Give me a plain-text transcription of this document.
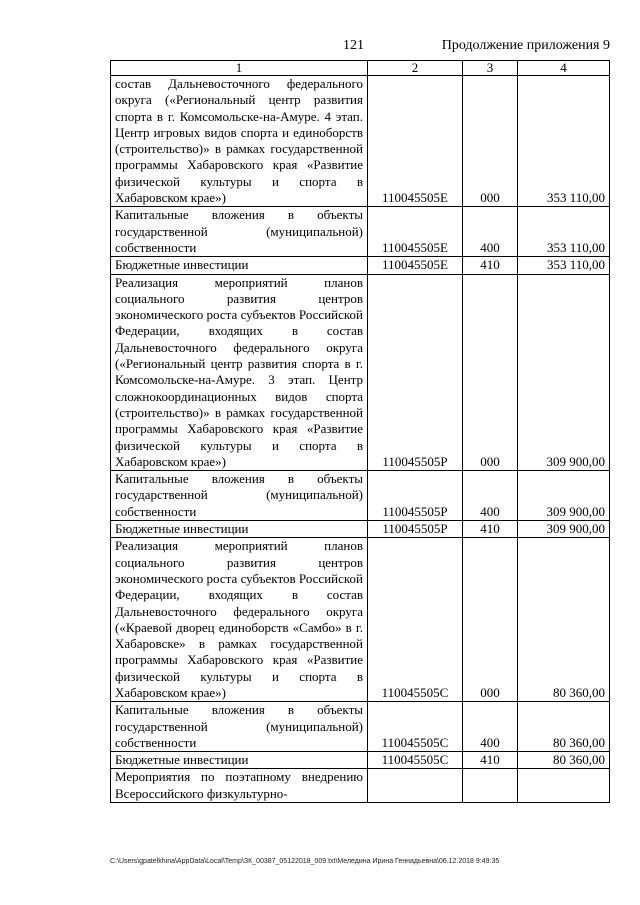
121	Продолжение приложения 9
1	2	3	4
состав Дальневосточного федерального округа («Региональный центр развития спорта в г. Комсомольске-на-Амуре. 4 этап. Центр игровых видов спорта и единоборств (строительство)» в рамках государственной программы Хабаровского края «Развитие физической культуры и спорта в Хабаровском крае»)	110045505Е	000	353 110,00
Капитальные вложения в объекты государственной (муниципальной) собственности	110045505Е	400	353 110,00
Бюджетные инвестиции	110045505Е	410	353 110,00
Реализация мероприятий планов социального развития центров экономического роста субъектов Российской Федерации, входящих в состав Дальневосточного федерального округа («Региональный центр развития спорта в г. Комсомольске-на-Амуре. 3 этап. Центр сложнокоординационных видов спорта (строительство)» в рамках государственной программы Хабаровского края «Развитие физической культуры и спорта в Хабаровском крае»)	110045505Р	000	309 900,00
Капитальные вложения в объекты государственной (муниципальной) собственности	110045505Р	400	309 900,00
Бюджетные инвестиции	110045505Р	410	309 900,00
Реализация мероприятий планов социального развития центров экономического роста субъектов Российской Федерации, входящих в состав Дальневосточного федерального округа («Краевой дворец единоборств «Самбо» в г. Хабаровске» в рамках государственной программы Хабаровского края «Развитие физической культуры и спорта в Хабаровском крае»)	110045505С	000	80 360,00
Капитальные вложения в объекты государственной (муниципальной) собственности	110045505С	400	80 360,00
Бюджетные инвестиции	110045505С	410	80 360,00
Мероприятия по поэтапному внедрению Всероссийского физкультурно-			
C:\Users\gpatelkhina\AppData\Local\Temp\ЗК_00387_05122018_009.txt\Меледина Ирина Геннадьевна\06.12.2018 9:49:35
